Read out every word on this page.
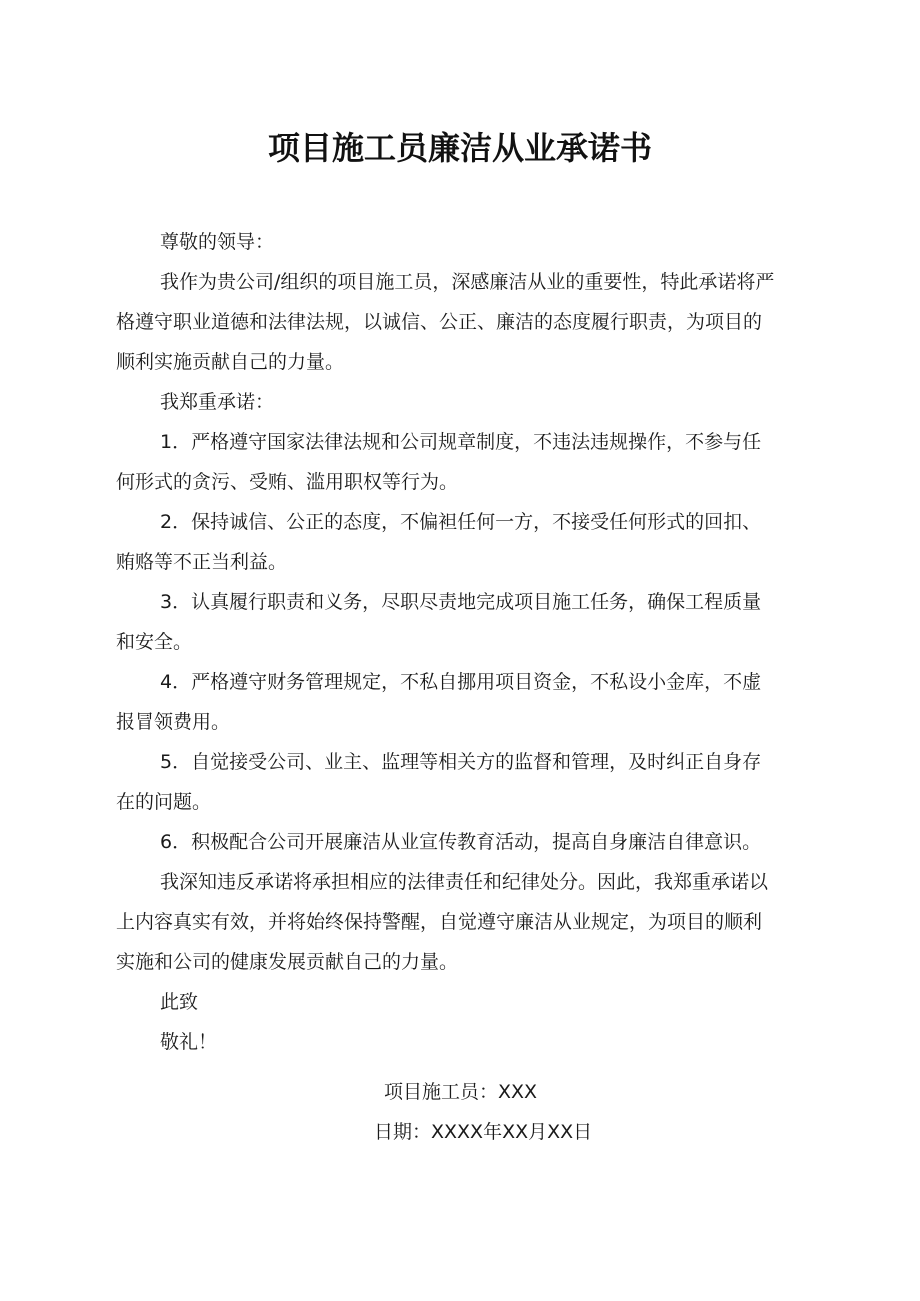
项目施工员廉洁从业承诺书
尊敬的领导：
我作为贵公司/组织的项目施工员，深感廉洁从业的重要性，特此承诺将严
格遵守职业道德和法律法规，以诚信、公正、廉洁的态度履行职责，为项目的
顺利实施贡献自己的力量。
我郑重承诺：
1．严格遵守国家法律法规和公司规章制度，不违法违规操作，不参与任
何形式的贪污、受贿、滥用职权等行为。
2．保持诚信、公正的态度，不偏袒任何一方，不接受任何形式的回扣、
贿赂等不正当利益。
3．认真履行职责和义务，尽职尽责地完成项目施工任务，确保工程质量
和安全。
4．严格遵守财务管理规定，不私自挪用项目资金，不私设小金库，不虚
报冒领费用。
5．自觉接受公司、业主、监理等相关方的监督和管理，及时纠正自身存
在的问题。
6．积极配合公司开展廉洁从业宣传教育活动，提高自身廉洁自律意识。
我深知违反承诺将承担相应的法律责任和纪律处分。因此，我郑重承诺以
上内容真实有效，并将始终保持警醒，自觉遵守廉洁从业规定，为项目的顺利
实施和公司的健康发展贡献自己的力量。
此致
敬礼！
项目施工员：XXX
日期：XXXX年XX月XX日
